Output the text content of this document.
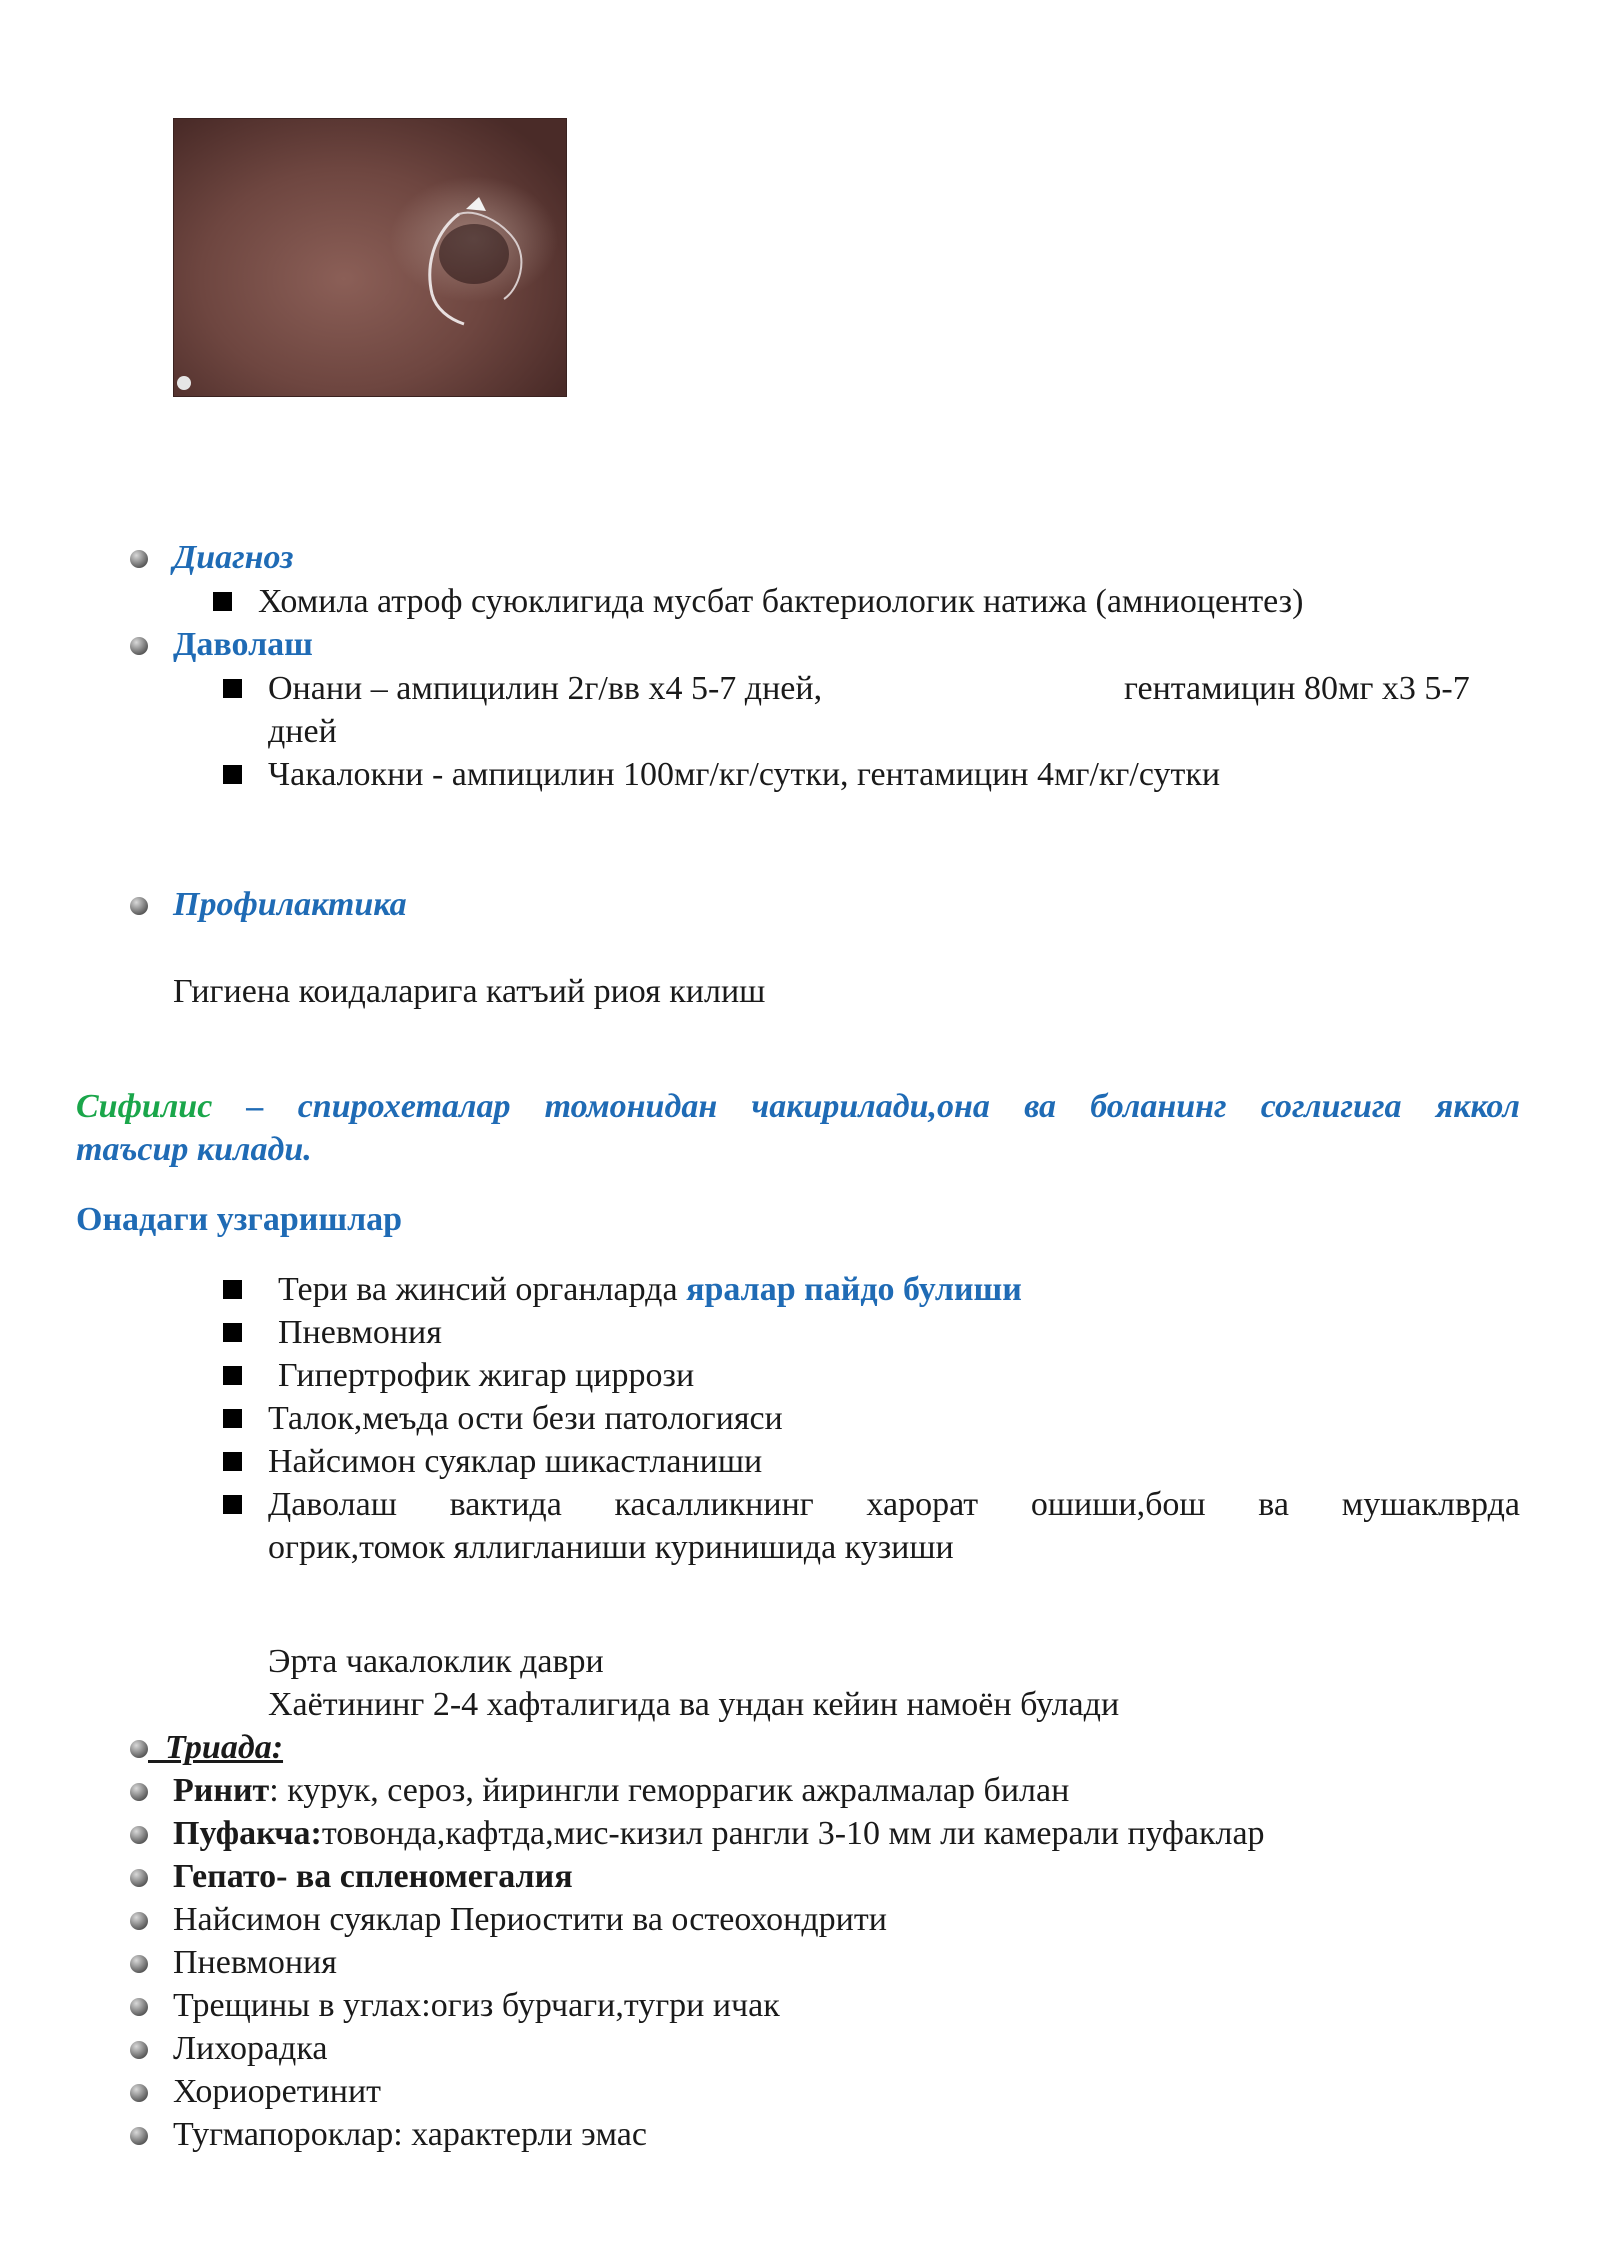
Диагноз
Хомила атроф суюклигида мусбат бактериологик натижа (амниоцентез)
Даволаш
Онани – ампицилин 2г/вв х4 5-7 дней,	гентамицин 80мг х3 5-7
дней
Чакалокни - ампицилин 100мг/кг/сутки, гентамицин 4мг/кг/сутки
Профилактика
Гигиена коидаларига катъий риоя килиш
Сифилис – спирохеталар томонидан чакирилади,она ва боланинг соглигига яккол
таъсир килади.
Онадаги узгаришлар
Тери ва жинсий органларда яралар пайдо булиши
Пневмония
Гипертрофик жигар циррози
Талок,меъда ости бези патологияси
Найсимон суяклар шикастланиши
Даволаш вактида касалликнинг харорат ошиши,бош ва мушаклврда
огрик,томок яллигланиши куринишида кузиши
Эрта чакалоклик даври
Хаётининг 2-4 хафталигида ва ундан кейин намоён булади
Триада:
Ринит: курук, сероз, йирингли геморрагик ажралмалар билан
Пуфакча:товонда,кафтда,мис-кизил рангли 3-10 мм ли камерали пуфаклар
Гепато- ва спленомегалия
Найсимон суяклар Периостити ва остеохондрити
Пневмония
Трещины в углах:огиз бурчаги,тугри ичак
Лихорадка
Хориоретинит
Тугмапороклар: характерли эмас
